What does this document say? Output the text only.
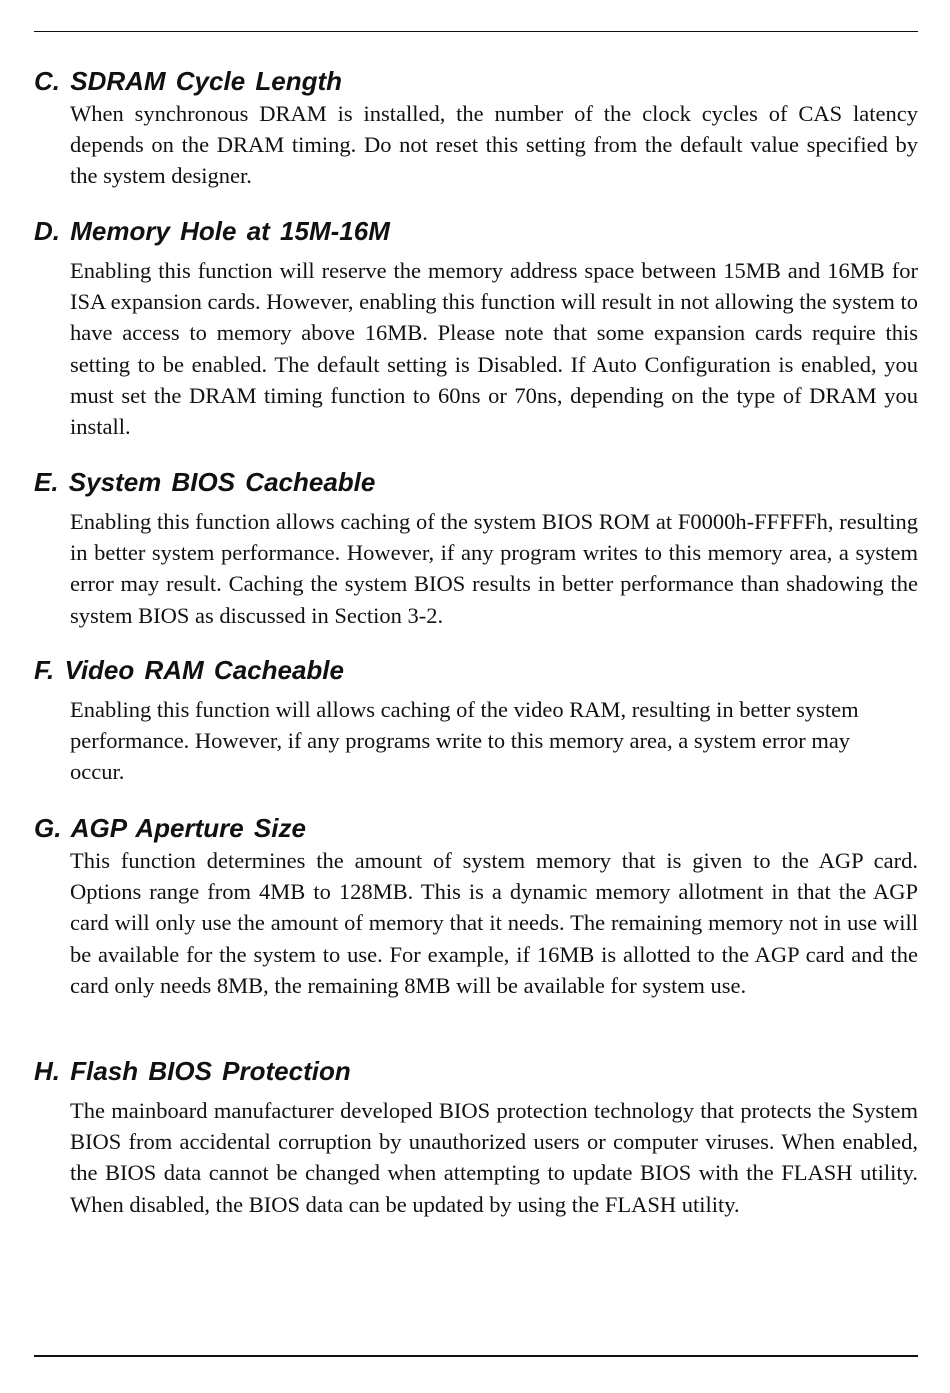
C. SDRAM Cycle Length

When synchronous DRAM is installed, the number of the clock cycles of CAS latency depends on the DRAM timing. Do not reset this setting from the default value specified by the system designer.

D. Memory Hole at 15M-16M

Enabling this function will reserve the memory address space between 15MB and 16MB for ISA expansion cards. However, enabling this function will result in not allowing the system to have access to memory above 16MB. Please note that some expansion cards require this setting to be enabled. The default setting is Disabled. If Auto Configuration is enabled, you must set the DRAM timing function to 60ns or 70ns, depending on the type of DRAM you install.

E. System BIOS Cacheable

Enabling this function allows caching of the system BIOS ROM at F0000h-FFFFFh, resulting in better system performance. However, if any program writes to this memory area, a system error may result. Caching the system BIOS results in better performance than shadowing the system BIOS as discussed in Section 3-2.

F. Video RAM Cacheable

Enabling this function will allows caching of the video RAM, resulting in better system performance. However, if any programs write to this memory area, a system error may occur.

G. AGP Aperture Size

This function determines the amount of system memory that is given to the AGP card. Options range from 4MB to 128MB. This is a dynamic memory allotment in that the AGP card will only use the amount of memory that it needs. The remaining memory not in use will be available for the system to use. For example, if 16MB is allotted to the AGP card and the card only needs 8MB, the remaining 8MB will be available for system use.

H. Flash BIOS Protection

The mainboard manufacturer developed BIOS protection technology that protects the System BIOS from accidental corruption by unauthorized users or computer viruses. When enabled, the BIOS data cannot be changed when attempting to update BIOS with the FLASH utility. When disabled, the BIOS data can be updated by using the FLASH utility.
